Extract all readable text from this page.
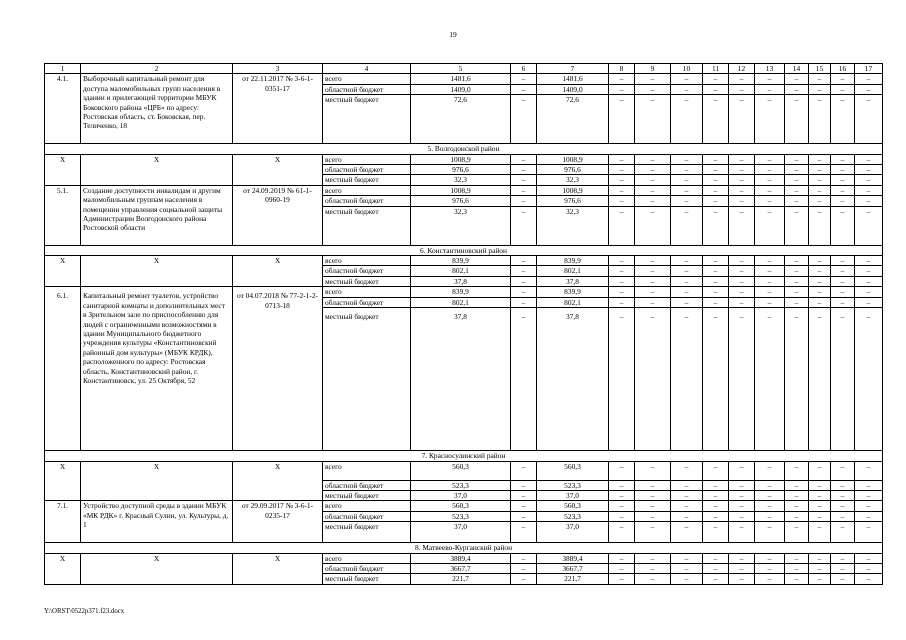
19
1	2	3	4	5	6	7	8	9	10	11	12	13	14	15	16	17
4.1.	Выборочный капитальный ремонт для доступа маломобильных групп населения в здании и прилегающей территории МБУК Боковского района «ЦРБ» по адресу: Ростовская область, ст. Боковская, пер. Теличенко, 18	от 22.11.2017 № 3-6-1-0351-17	всего	1481,6	–	1481,6	–	–	–	–	–	–	–	–	–	–
			областной бюджет	1409,0	–	1409,0	–	–	–	–	–	–	–	–	–	–
			местный бюджет	72,6	–	72,6	–	–	–	–	–	–	–	–	–	–
5. Волгодонской район																
X	X	X	всего	1008,9	–	1008,9	–	–	–	–	–	–	–	–	–	–
			областной бюджет	976,6	–	976,6	–	–	–	–	–	–	–	–	–	–
			местный бюджет	32,3	–	32,3	–	–	–	–	–	–	–	–	–	–
5.1.	Создание доступности инвалидам и другим маломобильным группам населения в помещении управления социальной защиты Администрации Волгодонского района Ростовской области	от 24.09.2019 № 61-1-0960-19	всего	1008,9	–	1008,9	–	–	–	–	–	–	–	–	–	–
			областной бюджет	976,6	–	976,6	–	–	–	–	–	–	–	–	–	–
			местный бюджет	32,3	–	32,3	–	–	–	–	–	–	–	–	–	–
6. Константиновский район																
X	X	X	всего	839,9	–	839,9	–	–	–	–	–	–	–	–	–	–
			областной бюджет	802,1	–	802,1	–	–	–	–	–	–	–	–	–	–
			местный бюджет	37,8	–	37,8	–	–	–	–	–	–	–	–	–	–
6.1.	Капитальный ремонт туалетов, устройство санитарной комнаты и дополнительных мест в Зрительном зале по приспособлению для людей с ограниченными возможностями в здании Муниципального бюджетного учреждения культуры «Константиновский районный дом культуры» (МБУК КРДК), расположенного по адресу: Ростовская область, Константиновский район, г. Константиновск, ул. 25 Октября, 52	от 04.07.2018 № 77-2-1-2-0713-18	всего	839,9	–	839,9	–	–	–	–	–	–	–	–	–	–
			областной бюджет	802,1	–	802,1	–	–	–	–	–	–	–	–	–	–
			местный бюджет	37,8	–	37,8	–	–	–	–	–	–	–	–	–	–
7. Красносулинский район																
X	X	X	всего	560,3	–	560,3	–	–	–	–	–	–	–	–	–	–
			областной бюджет	523,3	–	523,3	–	–	–	–	–	–	–	–	–	–
			местный бюджет	37,0	–	37,0	–	–	–	–	–	–	–	–	–	–
7.1.	Устройство доступной среды в здании МБУК «МК РДК» г. Красный Сулин, ул. Культуры, д. 1	от 29.09.2017 № 3-6-1-0235-17	всего	560,3	–	560,3	–	–	–	–	–	–	–	–	–	–
			областной бюджет	523,3	–	523,3	–	–	–	–	–	–	–	–	–	–
			местный бюджет	37,0	–	37,0	–	–	–	–	–	–	–	–	–	–
8. Матвеево-Курганский район																
X	X	X	всего	3889,4	–	3889,4	–	–	–	–	–	–	–	–	–	–
			областной бюджет	3667,7	–	3667,7	–	–	–	–	–	–	–	–	–	–
			местный бюджет	221,7	–	221,7	–	–	–	–	–	–	–	–	–	–
Y:\ORST\0522p371.f23.docx
